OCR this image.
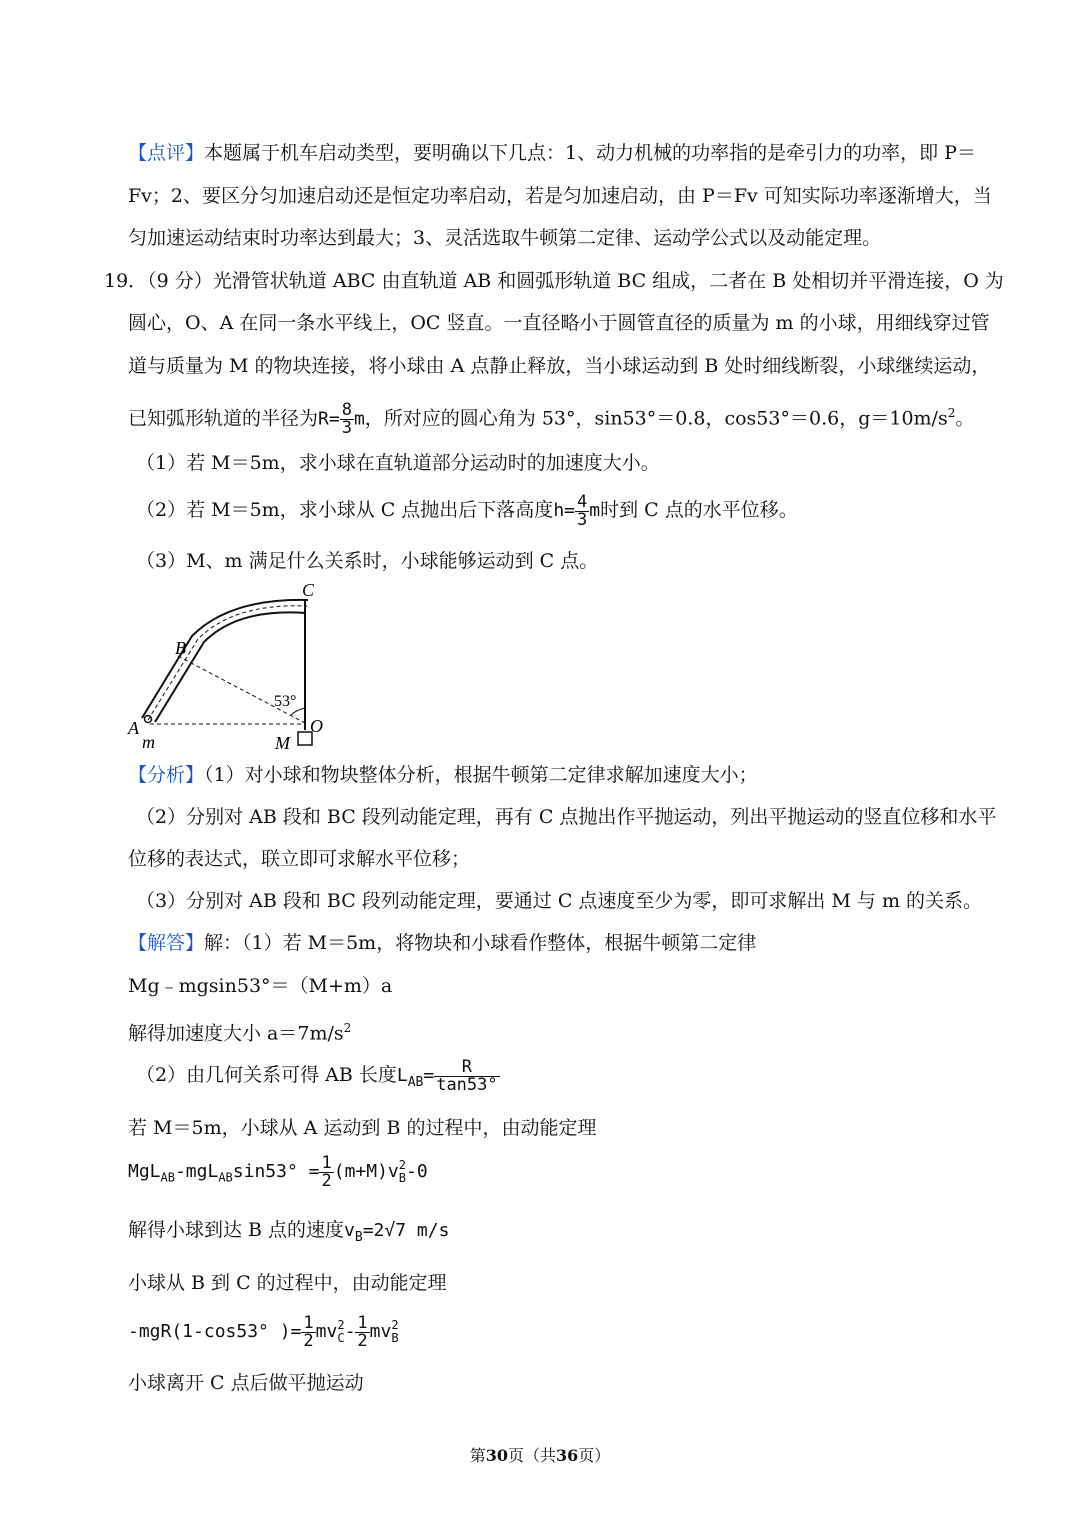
【点评】本题属于机车启动类型，要明确以下几点：1、动力机械的功率指的是牵引力的功率，即 P＝
Fv；2、要区分匀加速启动还是恒定功率启动，若是匀加速启动，由 P＝Fv 可知实际功率逐渐增大，当
匀加速运动结束时功率达到最大；3、灵活选取牛顿第二定律、运动学公式以及动能定理。
19．（9 分）光滑管状轨道 ABC 由直轨道 AB 和圆弧形轨道 BC 组成，二者在 B 处相切并平滑连接，O 为
圆心，O、A 在同一条水平线上，OC 竖直。一直径略小于圆管直径的质量为 m 的小球，用细线穿过管
道与质量为 M 的物块连接，将小球由 A 点静止释放，当小球运动到 B 处时细线断裂，小球继续运动，
已知弧形轨道的半径为$R= \frac{8}{3}$ m，所对应的圆心角为 53°，sin53°＝0.8，cos53°＝0.6，$g=10m/s^2$。
（1）若 M＝5m，求小球在直轨道部分运动时的加速度大小。
（2）若 M＝5m，求小球从 C 点抛出后下落高度$h= \frac{4}{3}$ m时到 C 点的水平位移。
（3）M、m 满足什么关系时，小球能够运动到 C 点。
A
m
B
C
O
M
53°
【分析】（1）对小球和物块整体分析，根据牛顿第二定律求解加速度大小；
（2）分别对 AB 段和 BC 段列动能定理，再有 C 点抛出作平抛运动，列出平抛运动的竖直位移和水平
位移的表达式，联立即可求解水平位移；
（3）分别对 AB 段和 BC 段列动能定理，要通过 C 点速度至少为零，即可求解出 M 与 m 的关系。
【解答】解：（1）若 M＝5m，将物块和小球看作整体，根据牛顿第二定律
Mg﹣mgsin53°＝（M+m）a
解得加速度大小 $a=7m/s^2$
（2）由几何关系可得 AB 长度$L_{AB}= \frac{R}{\tan 53^\circ}$
若 M＝5m，小球从 A 运动到 B 的过程中，由动能定理
$MgL_{AB}-mgL_{AB}\sin 53^\circ = \frac{1}{2} (m+M)v$ 2
B -0
解得小球到达 B 点的速度$v_B=2√7$ m/s
小球从 B 到 C 的过程中，由动能定理
-mgR(1-cos53° )= $\frac{1}{2}$ mv 2
C - $\frac{1}{2}$ mv 2
B
小球离开 C 点后做平抛运动
第30页（共36页）
